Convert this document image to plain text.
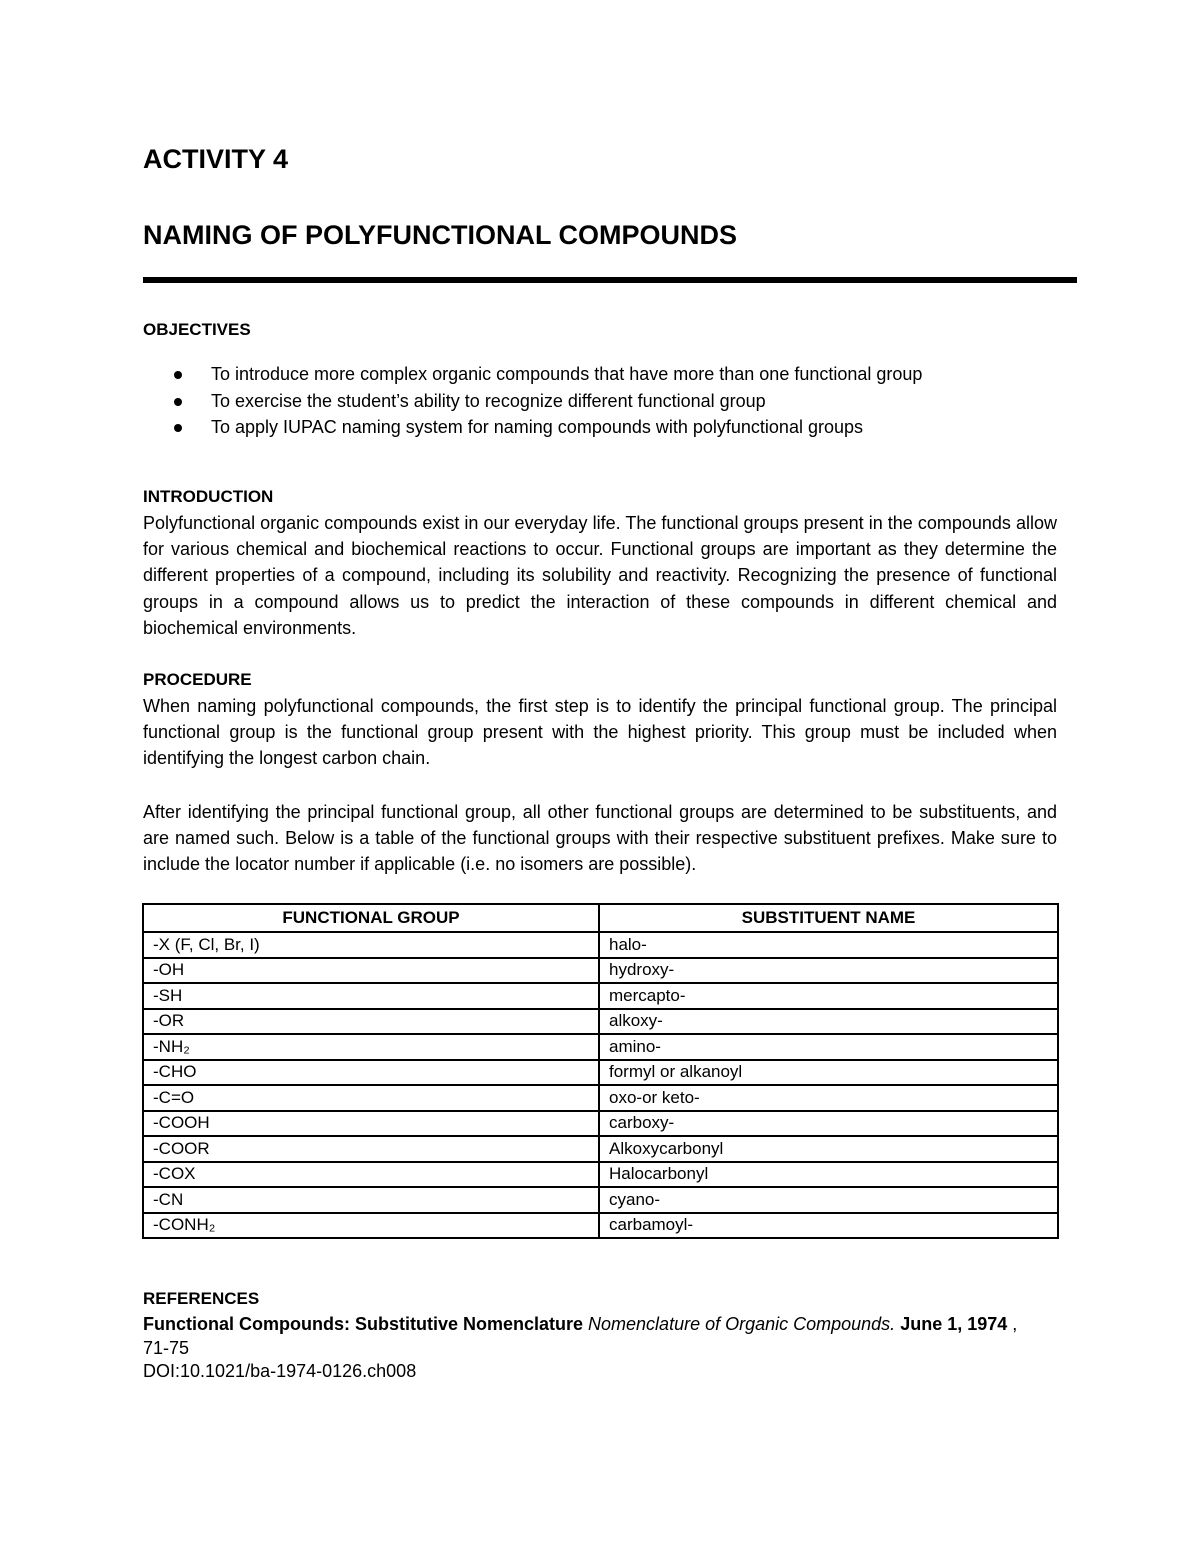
ACTIVITY 4
NAMING OF POLYFUNCTIONAL COMPOUNDS
OBJECTIVES
To introduce more complex organic compounds that have more than one functional group
To exercise the student’s ability to recognize different functional group
To apply IUPAC naming system for naming compounds with polyfunctional groups
INTRODUCTION
Polyfunctional organic compounds exist in our everyday life. The functional groups present in the compounds allow for various chemical and biochemical reactions to occur. Functional groups are important as they determine the different properties of a compound, including its solubility and reactivity. Recognizing the presence of functional groups in a compound allows us to predict the interaction of these compounds in different chemical and biochemical environments.
PROCEDURE
When naming polyfunctional compounds, the first step is to identify the principal functional group. The principal functional group is the functional group present with the highest priority. This group must be included when identifying the longest carbon chain.
After identifying the principal functional group, all other functional groups are determined to be substituents, and are named such. Below is a table of the functional groups with their respective substituent prefixes. Make sure to include the locator number if applicable (i.e. no isomers are possible).
FUNCTIONAL GROUP	SUBSTITUENT NAME
-X (F, Cl, Br, I)	halo-
-OH	hydroxy-
-SH	mercapto-
-OR	alkoxy-
-NH₂	amino-
-CHO	formyl or alkanoyl
-C=O	oxo-or keto-
-COOH	carboxy-
-COOR	Alkoxycarbonyl
-COX	Halocarbonyl
-CN	cyano-
-CONH₂	carbamoyl-
REFERENCES
Functional Compounds: Substitutive Nomenclature Nomenclature of Organic Compounds. June 1, 1974 , 71-75
DOI:10.1021/ba-1974-0126.ch008
